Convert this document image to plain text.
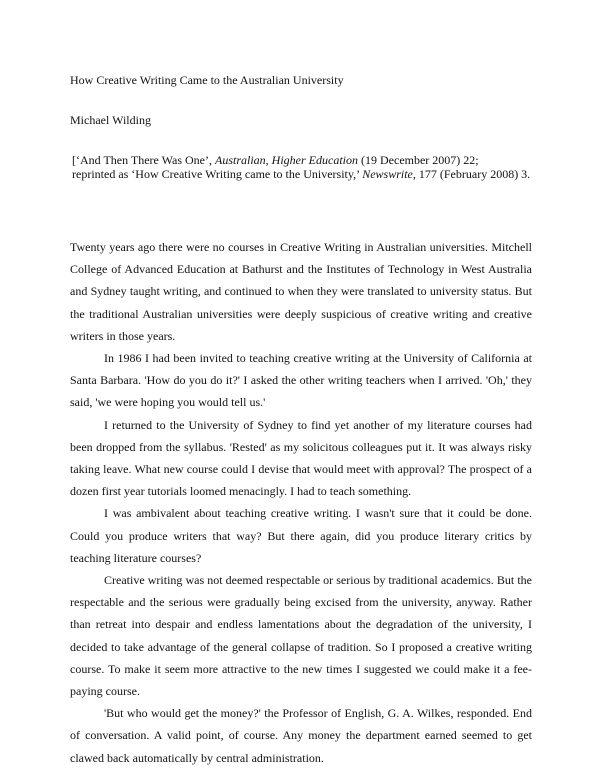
How Creative Writing Came to the Australian University
Michael Wilding
[‘And Then There Was One’, Australian, Higher Education (19 December 2007) 22;
reprinted as ‘How Creative Writing came to the University,’ Newswrite, 177 (February 2008) 3.

Twenty years ago there were no courses in Creative Writing in Australian universities. Mitchell College of Advanced Education at Bathurst and the Institutes of Technology in West Australia and Sydney taught writing, and continued to when they were translated to university status. But the traditional Australian universities were deeply suspicious of creative writing and creative writers in those years.

In 1986 I had been invited to teaching creative writing at the University of California at Santa Barbara. 'How do you do it?' I asked the other writing teachers when I arrived. 'Oh,' they said, 'we were hoping you would tell us.'

I returned to the University of Sydney to find yet another of my literature courses had been dropped from the syllabus. 'Rested' as my solicitous colleagues put it. It was always risky taking leave. What new course could I devise that would meet with approval? The prospect of a dozen first year tutorials loomed menacingly. I had to teach something.

I was ambivalent about teaching creative writing. I wasn't sure that it could be done. Could you produce writers that way? But there again, did you produce literary critics by teaching literature courses?

Creative writing was not deemed respectable or serious by traditional academics. But the respectable and the serious were gradually being excised from the university, anyway. Rather than retreat into despair and endless lamentations about the degradation of the university, I decided to take advantage of the general collapse of tradition. So I proposed a creative writing course. To make it seem more attractive to the new times I suggested we could make it a fee-paying course.

'But who would get the money?' the Professor of English, G. A. Wilkes, responded. End of conversation. A valid point, of course. Any money the department earned seemed to get clawed back automatically by central administration.
